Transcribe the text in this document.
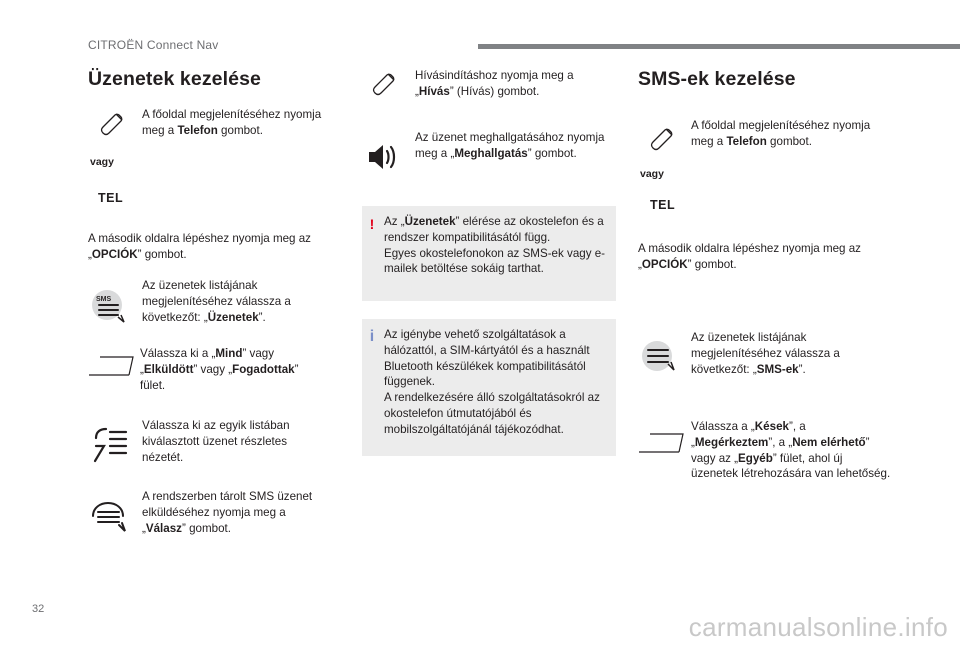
CITROËN Connect Nav
Üzenetek kezelése
A főoldal megjelenítéséhez nyomja meg a Telefon gombot.
vagy
TEL
A második oldalra lépéshez nyomja meg az „OPCIÓK” gombot.
SMS
Az üzenetek listájának megjelenítéséhez válassza a következőt: „Üzenetek”.
Válassza ki a „Mind” vagy „Elküldött” vagy „Fogadottak” fület.
Válassza ki az egyik listában kiválasztott üzenet részletes nézetét.
A rendszerben tárolt SMS üzenet elküldéséhez nyomja meg a „Válasz” gombot.
Hívásindításhoz nyomja meg a „Hívás” (Hívás) gombot.
Az üzenet meghallgatásához nyomja meg a „Meghallgatás” gombot.
! Az „Üzenetek” elérése az okostelefon és a rendszer kompatibilitásától függ.
Egyes okostelefonokon az SMS-ek vagy e-mailek betöltése sokáig tarthat.
i Az igénybe vehető szolgáltatások a hálózattól, a SIM-kártyától és a használt Bluetooth készülékek kompatibilitásától függenek.
A rendelkezésére álló szolgáltatásokról az okostelefon útmutatójából és mobilszolgáltatójánál tájékozódhat.
SMS-ek kezelése
A főoldal megjelenítéséhez nyomja meg a Telefon gombot.
vagy
TEL
A második oldalra lépéshez nyomja meg az „OPCIÓK” gombot.
Az üzenetek listájának megjelenítéséhez válassza a következőt: „SMS-ek”.
Válassza a „Kések”, a „Megérkeztem”, a „Nem elérhető” vagy az „Egyéb” fület, ahol új üzenetek létrehozására van lehetőség.
32
carmanualsonline.info
